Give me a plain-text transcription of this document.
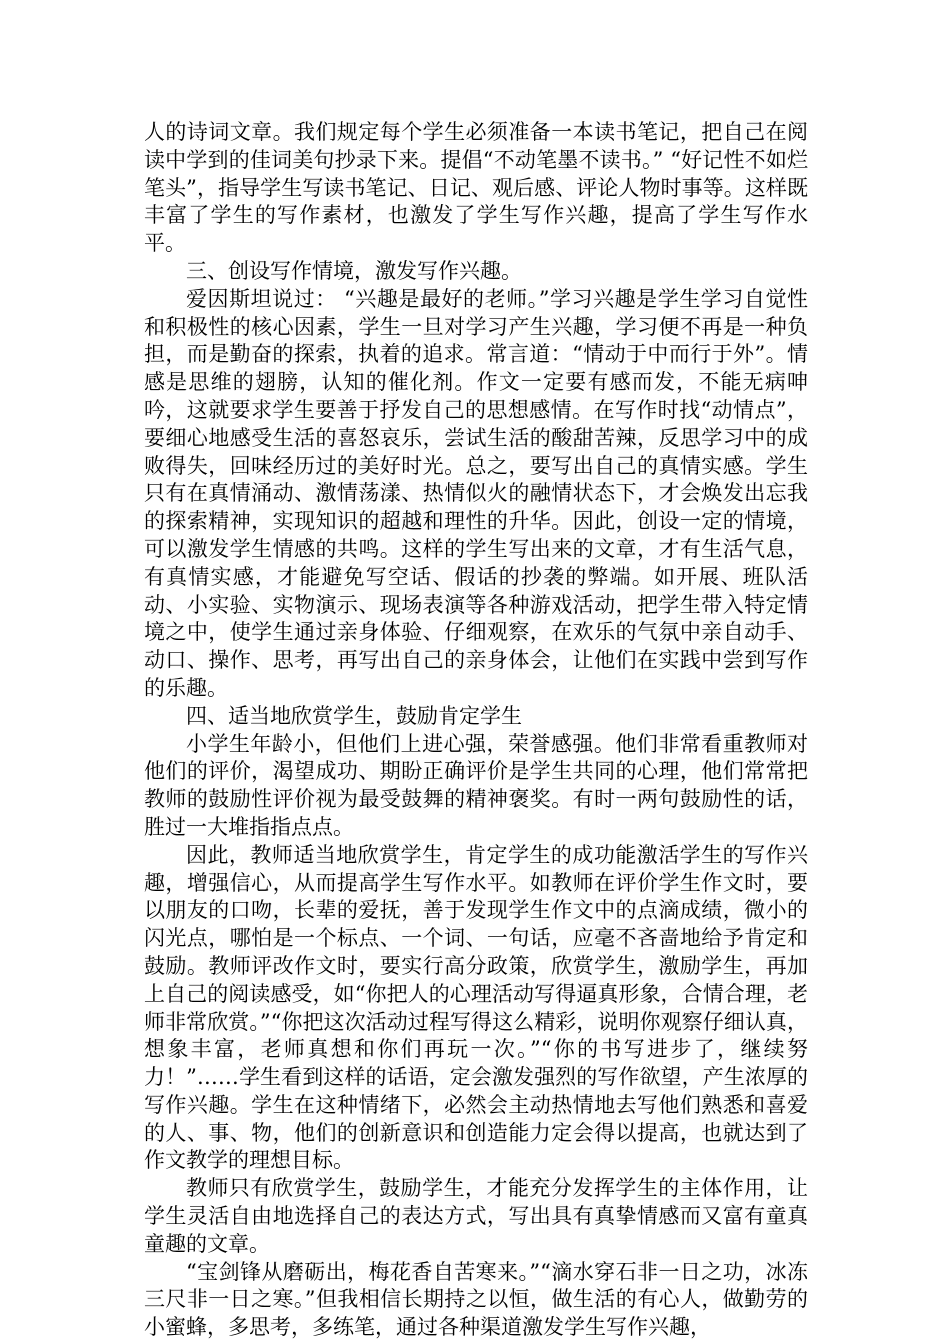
人的诗词文章。我们规定每个学生必须准备一本读书笔记，把自己在阅读中学到的佳词美句抄录下来。提倡“不动笔墨不读书。” “好记性不如烂笔头”，指导学生写读书笔记、日记、观后感、评论人物时事等。这样既丰富了学生的写作素材，也激发了学生写作兴趣，提高了学生写作水平。

三、创设写作情境，激发写作兴趣。

爱因斯坦说过： “兴趣是最好的老师。”学习兴趣是学生学习自觉性和积极性的核心因素，学生一旦对学习产生兴趣，学习便不再是一种负担，而是勤奋的探索，执着的追求。常言道：“情动于中而行于外”。情感是思维的翅膀，认知的催化剂。作文一定要有感而发，不能无病呻吟，这就要求学生要善于抒发自己的思想感情。在写作时找“动情点”，要细心地感受生活的喜怒哀乐，尝试生活的酸甜苦辣，反思学习中的成败得失，回味经历过的美好时光。总之，要写出自己的真情实感。学生只有在真情涌动、激情荡漾、热情似火的融情状态下，才会焕发出忘我的探索精神，实现知识的超越和理性的升华。因此，创设一定的情境，可以激发学生情感的共鸣。这样的学生写出来的文章，才有生活气息，有真情实感，才能避免写空话、假话的抄袭的弊端。如开展、班队活动、小实验、实物演示、现场表演等各种游戏活动，把学生带入特定情境之中，使学生通过亲身体验、仔细观察，在欢乐的气氛中亲自动手、动口、操作、思考，再写出自己的亲身体会，让他们在实践中尝到写作的乐趣。

四、适当地欣赏学生，鼓励肯定学生

小学生年龄小，但他们上进心强，荣誉感强。他们非常看重教师对他们的评价，渴望成功、期盼正确评价是学生共同的心理，他们常常把教师的鼓励性评价视为最受鼓舞的精神褒奖。有时一两句鼓励性的话，胜过一大堆指指点点。

因此，教师适当地欣赏学生，肯定学生的成功能激活学生的写作兴趣，增强信心，从而提高学生写作水平。如教师在评价学生作文时，要以朋友的口吻，长辈的爱抚，善于发现学生作文中的点滴成绩，微小的闪光点，哪怕是一个标点、一个词、一句话，应毫不吝啬地给予肯定和鼓励。教师评改作文时，要实行高分政策，欣赏学生，激励学生，再加上自己的阅读感受，如“你把人的心理活动写得逼真形象，合情合理，老师非常欣赏。”“你把这次活动过程写得这么精彩，说明你观察仔细认真，想象丰富，老师真想和你们再玩一次。”“你的书写进步了，继续努力！”……学生看到这样的话语，定会激发强烈的写作欲望，产生浓厚的写作兴趣。学生在这种情绪下，必然会主动热情地去写他们熟悉和喜爱的人、事、物，他们的创新意识和创造能力定会得以提高，也就达到了作文教学的理想目标。

教师只有欣赏学生，鼓励学生，才能充分发挥学生的主体作用，让学生灵活自由地选择自己的表达方式，写出具有真挚情感而又富有童真童趣的文章。

“宝剑锋从磨砺出，梅花香自苦寒来。”“滴水穿石非一日之功，冰冻三尺非一日之寒。”但我相信长期持之以恒，做生活的有心人，做勤劳的小蜜蜂，多思考，多练笔，通过各种渠道激发学生写作兴趣，
